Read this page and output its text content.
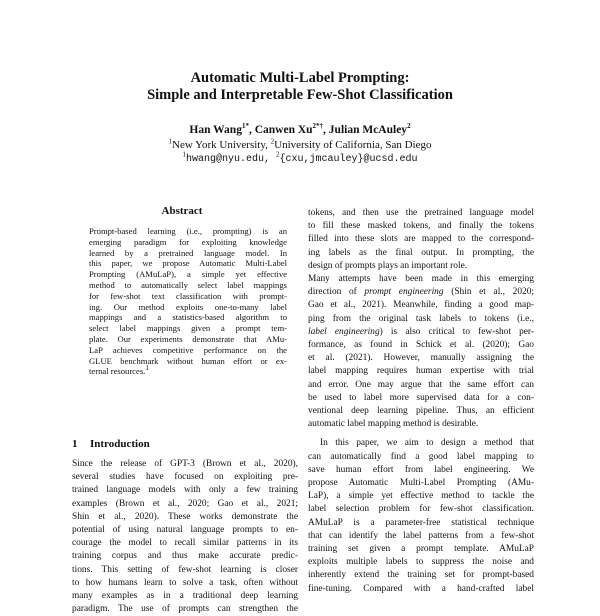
Automatic Multi-Label Prompting:
Simple and Interpretable Few-Shot Classification
Han Wang$^{1*}$, Canwen $Xu^{2*\dagger}$, Julian McAuley$^2$
$^1$New York University, $^2$University of California, San Diego
$^1$hwang@nyu.edu, $^2${cxu,jmcauley}@ucsd.edu
Abstract
Prompt-based learning (i.e., prompting) is an
emerging paradigm for exploiting knowledge
learned by a pretrained language model. In
this paper, we propose Automatic Multi-Label
Prompting (AMuLaP), a simple yet effective
method to automatically select label mappings
for few-shot text classification with prompt-
ing. Our method exploits one-to-many label
mappings and a statistics-based algorithm to
select label mappings given a prompt tem-
plate. Our experiments demonstrate that AMu-
LaP achieves competitive performance on the
GLUE benchmark without human effort or ex-
ternal resources.$^1$
1 Introduction
Since the release of GPT-3 (Brown et al., 2020),
several studies have focused on exploiting pre-
trained language models with only a few training
examples (Brown et al., 2020; Gao et al., 2021;
Shin et al., 2020). These works demonstrate the
potential of using natural language prompts to en-
courage the model to recall similar patterns in its
training corpus and thus make accurate predic-
tions. This setting of few-shot learning is closer
to how humans learn to solve a task, often without
many examples as in a traditional deep learning
paradigm. The use of prompts can strengthen the
tokens, and then use the pretrained language model
to fill these masked tokens, and finally the tokens
filled into these slots are mapped to the correspond-
ing labels as the final output. In prompting, the
design of prompts plays an important role.
Many attempts have been made in this emerging
direction of prompt engineering (Shin et al., 2020;
Gao et al., 2021). Meanwhile, finding a good map-
ping from the original task labels to tokens (i.e.,
label engineering) is also critical to few-shot per-
formance, as found in Schick et al. (2020); Gao
et al. (2021). However, manually assigning the
label mapping requires human expertise with trial
and error. One may argue that the same effort can
be used to label more supervised data for a con-
ventional deep learning pipeline. Thus, an efficient
automatic label mapping method is desirable.
In this paper, we aim to design a method that
can automatically find a good label mapping to
save human effort from label engineering. We
propose Automatic Multi-Label Prompting (AMu-
LaP), a simple yet effective method to tackle the
label selection problem for few-shot classification.
AMuLaP is a parameter-free statistical technique
that can identify the label patterns from a few-shot
training set given a prompt template. AMuLaP
exploits multiple labels to suppress the noise and
inherently extend the training set for prompt-based
fine-tuning. Compared with a hand-crafted label
